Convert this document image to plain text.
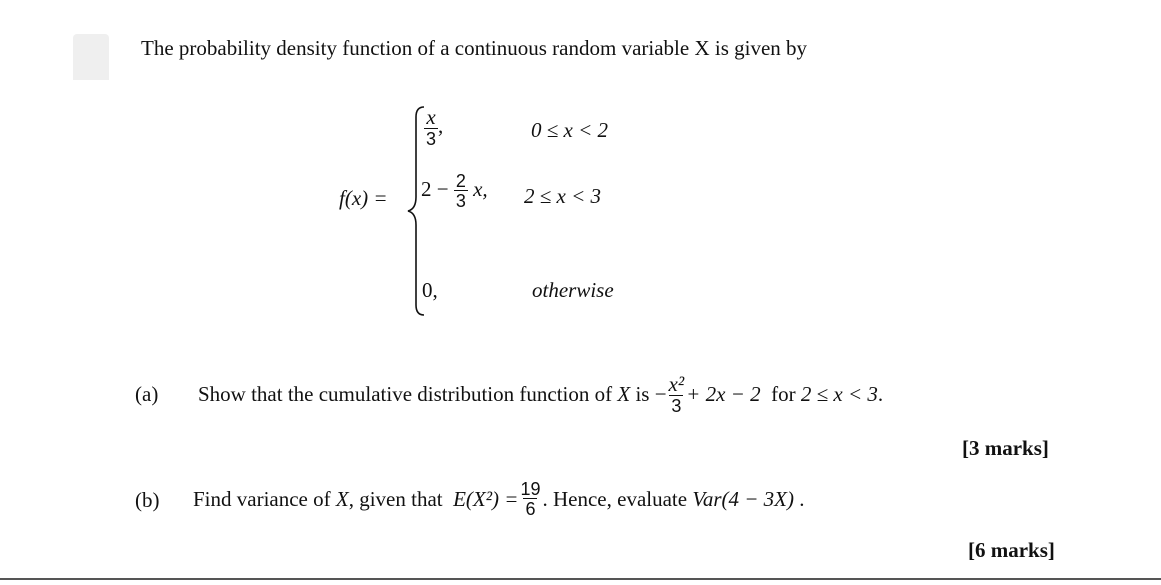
The probability density function of a continuous random variable X is given by
f(x) =
$\frac{x}{3}$ ,	0 ≤ x < 2
$2 - \frac{2}{3} x$, 2 ≤ x < 3
0,	otherwise
(a) Show that the cumulative distribution function of
X
is
− $\frac{\text{x²}}{3} + 2x - 2$
for
2 ≤ x < 3 .
[3 marks]
(b) Find variance of
X , given that
$E(X^2) = \frac{19}{6}$ . Hence, evaluate
Var(4 − 3X)
.
[6 marks]
